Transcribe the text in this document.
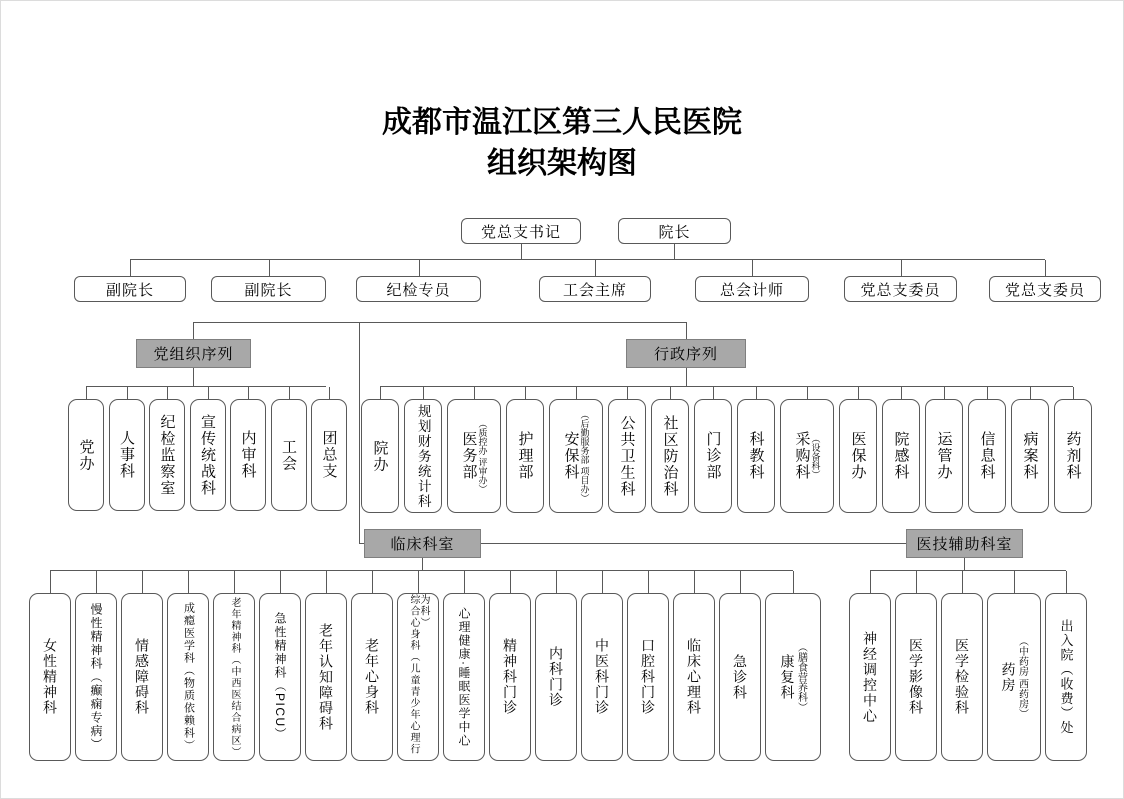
成都市温江区第三人民医院
组织架构图
党总支书记	院长
副院长	副院长	纪检专员	工会主席	总会计师	党总支委员	党总支委员
党组织序列	行政序列
临床科室	医技辅助科室
党办 人事科 纪检监察室 宣传统战科 内审科 工会 团总支 院办 规划财务统计科 医务部 （质控办 评审办） 护理部 安保科 （后勤服务部 项目办） 公共卫生科 社区防治科 门诊部 科教科 采购科 （设备科） 医保办 院感科 运管办 信息科 病案科 药剂科
女性精神科	慢性精神科（癫痫专病） 情感障碍科	成瘾医学科（物质依赖科）	老年精神科（中西医结合病区）	急性精神科（PICU） 老年认知障碍科 老年心身科	综合心身科（儿童青少年心理行为科） 心理健康·睡眠医学中心 精神科门诊 内科门诊 中医科门诊 口腔科门诊 临床心理科 急诊科 康复科 （膳食营养科）	神经调控中心 医学影像科 医学检验科 药房 （中药房 西药房） 出入院（收费）处
